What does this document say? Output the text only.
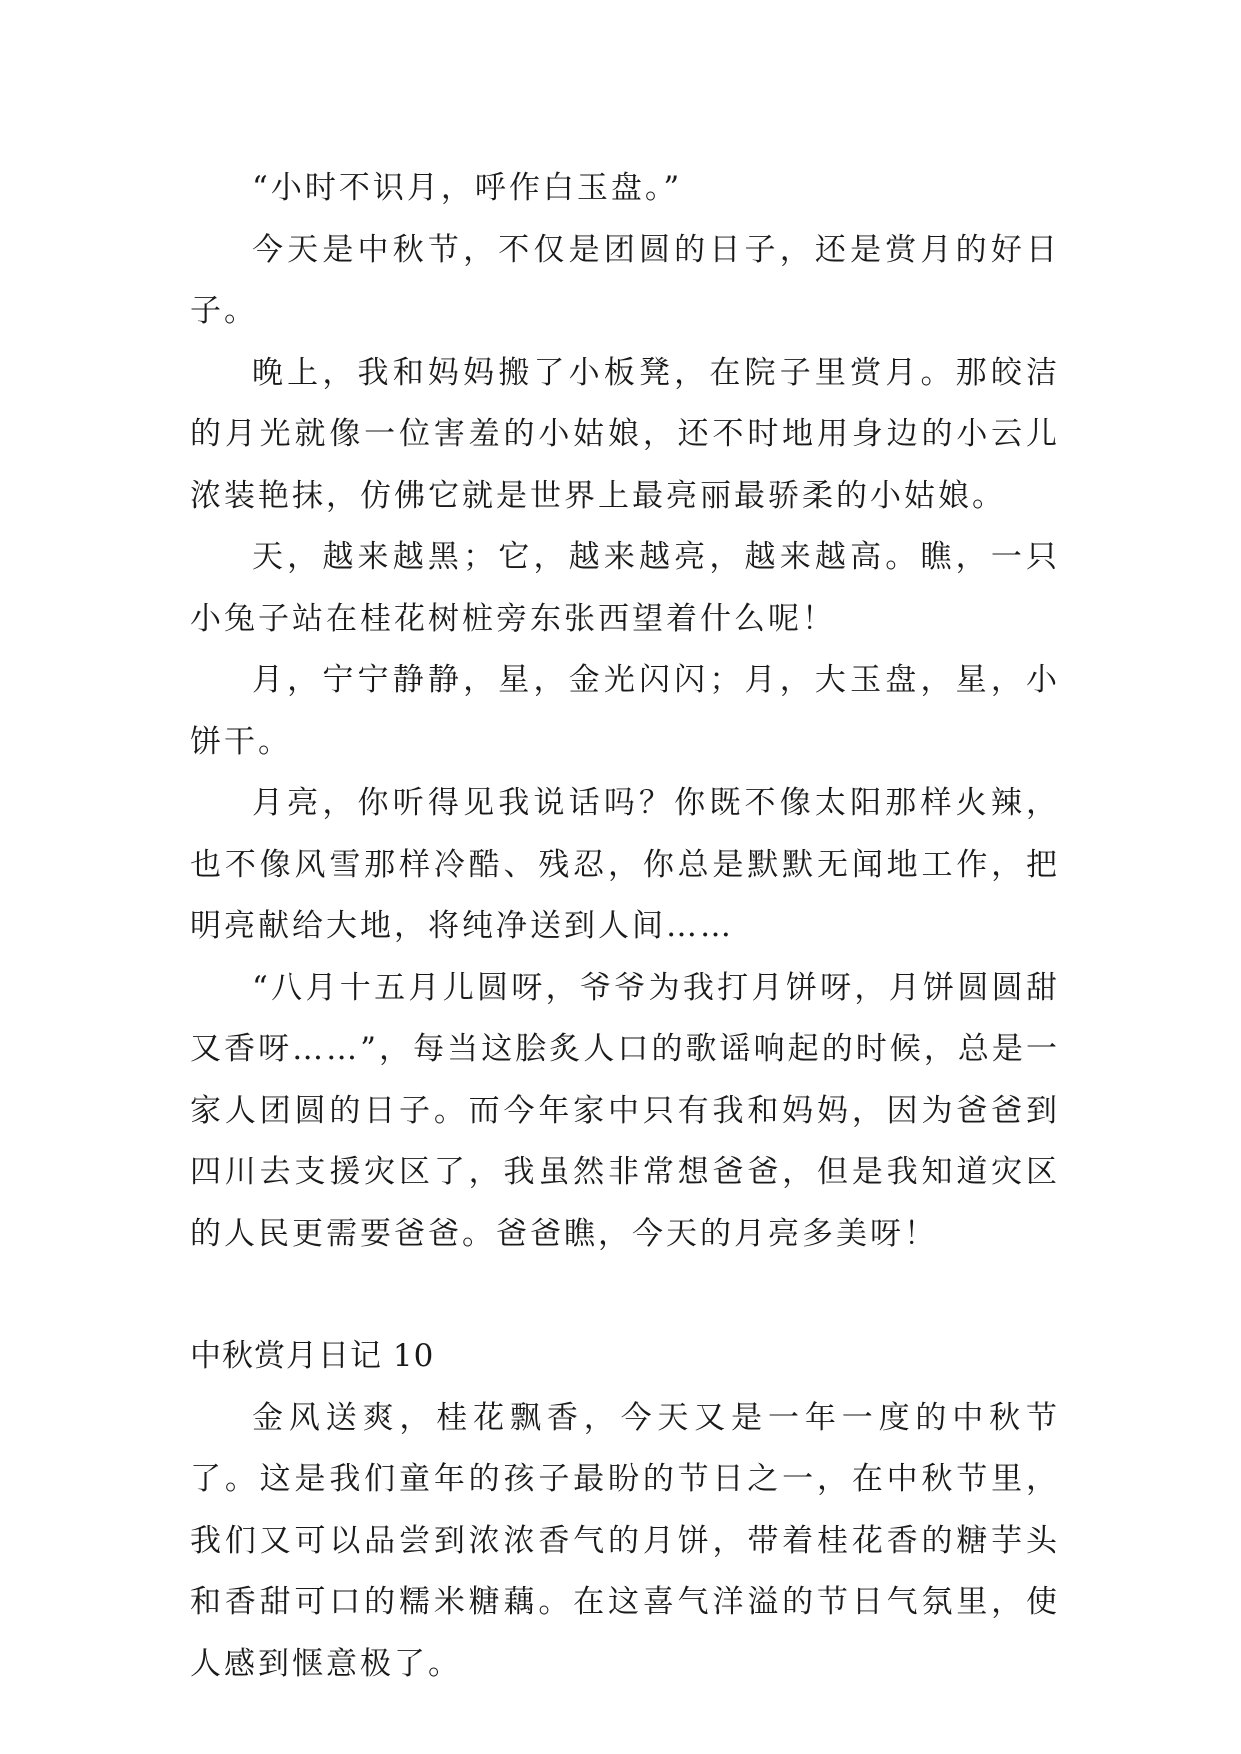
“小时不识月，呼作白玉盘。”

今天是中秋节，不仅是团圆的日子，还是赏月的好日子。

晚上，我和妈妈搬了小板凳，在院子里赏月。那皎洁的月光就像一位害羞的小姑娘，还不时地用身边的小云儿浓装艳抹，仿佛它就是世界上最亮丽最骄柔的小姑娘。

天，越来越黑；它，越来越亮，越来越高。瞧，一只小兔子站在桂花树桩旁东张西望着什么呢！

月，宁宁静静，星，金光闪闪；月，大玉盘，星，小饼干。

月亮，你听得见我说话吗？你既不像太阳那样火辣，也不像风雪那样冷酷、残忍，你总是默默无闻地工作，把明亮献给大地，将纯净送到人间……

“八月十五月儿圆呀，爷爷为我打月饼呀，月饼圆圆甜又香呀……”，每当这脍炙人口的歌谣响起的时候，总是一家人团圆的日子。而今年家中只有我和妈妈，因为爸爸到四川去支援灾区了，我虽然非常想爸爸，但是我知道灾区的人民更需要爸爸。爸爸瞧，今天的月亮多美呀！

中秋赏月日记 10

金风送爽，桂花飘香，今天又是一年一度的中秋节了。这是我们童年的孩子最盼的节日之一，在中秋节里，我们又可以品尝到浓浓香气的月饼，带着桂花香的糖芋头和香甜可口的糯米糖藕。在这喜气洋溢的节日气氛里，使人感到惬意极了。
